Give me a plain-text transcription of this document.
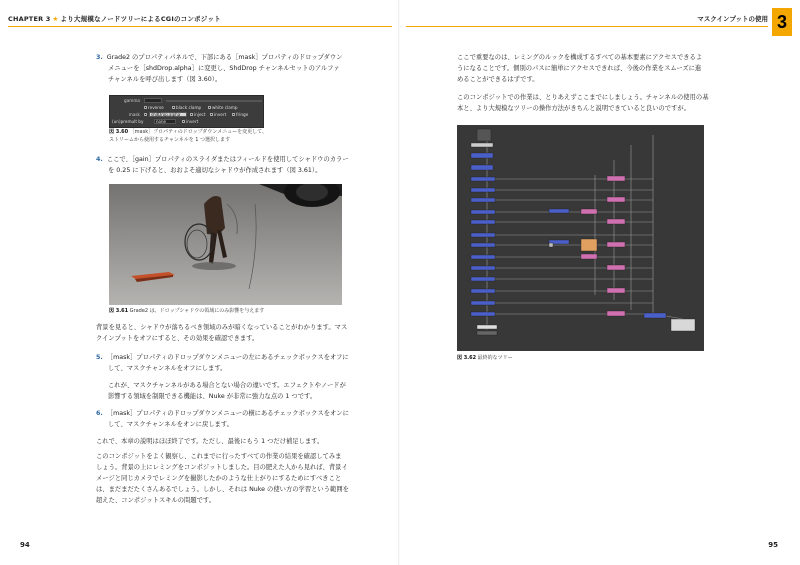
CHAPTER 3 ★ より大規模なノードツリーによるCGIのコンポジット
3. Grade2 のプロパティパネルで、下部にある［mask］プロパティのドロップダウン
メニューを［shdDrop.alpha］に変更し、ShdDrop チャンネルセットのアルファ
チャンネルを呼び出します（図 3.60）。
gamma
reverse	black clamp	white clamp
mask	shdDrop.alpha	inject	invert	fringe
(un)premult by	none	invert
図 3.60 ［mask］プロパティのドロップダウンメニューを変更して、
ストリームから使用するチャンネルを 1 つ選択します
4. ここで、［gain］プロパティのスライダまたはフィールドを使用してシャドウのカラー
を 0.25 に下げると、おおよそ適切なシャドウが作成されます（図 3.61）。
図 3.61 Grade2 は、ドロップシャドウの領域にのみ影響を与えます
背景を見ると、シャドウが落ちるべき領域のみが暗くなっていることがわかります。マス
クインプットをオフにすると、その効果を確認できます。
5. ［mask］プロパティのドロップダウンメニューの左にあるチェックボックスをオフに
して、マスクチャンネルをオフにします。
これが、マスクチャンネルがある場合とない場合の違いです。エフェクトやノードが
影響する領域を制限できる機能は、Nuke が非常に強力な点の 1 つです。
6. ［mask］プロパティのドロップダウンメニューの横にあるチェックボックスをオンに
して、マスクチャンネルをオンに戻します。
これで、本章の説明はほぼ終了です。ただし、最後にもう 1 つだけ補足します。
このコンポジットをよく観察し、これまでに行ったすべての作業の結果を確認してみま
しょう。背景の上にレミングをコンポジットしました。目の肥えた人から見れば、背景イ
メージと同じカメラでレミングを撮影したかのような仕上がりにするためにすべきこと
は、まだまだたくさんあるでしょう。しかし、それは Nuke の使い方の学習という範囲を
超えた、コンポジットスキルの問題です。
94
マスクインプットの使用 3
ここで重要なのは、レミングのルックを構成するすべての基本要素にアクセスできるよ
うになることです。個別のパスに簡単にアクセスできれば、今後の作業をスムーズに進
めることができるはずです。
このコンポジットでの作業は、とりあえずここまでにしましょう。チャンネルの使用の基
本と、より大規模なツリーの操作方法がきちんと説明できていると良いのですが。
図 3.62 最終的なツリー
95
